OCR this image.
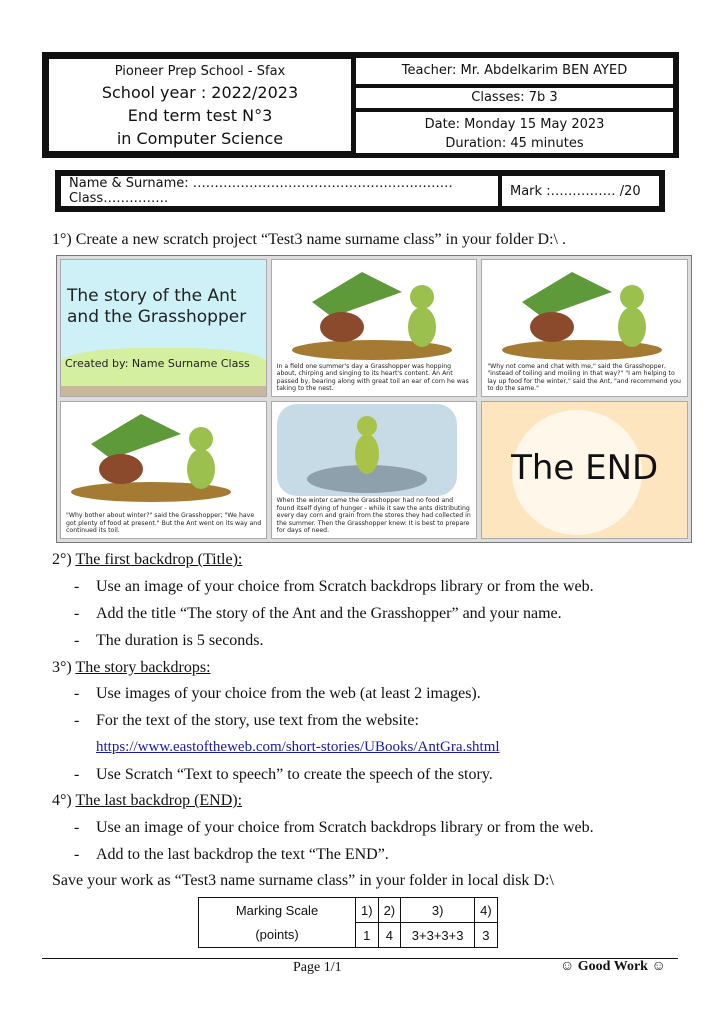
Pioneer Prep School - Sfax
School year : 2022/2023
End term test N°3
in Computer Science
Teacher: Mr. Abdelkarim BEN AYED
Classes: 7b 3
Date: Monday 15 May 2023
Duration: 45 minutes
Name & Surname: ……………………………………………………Class……………	Mark :…………… /20
1°) Create a new scratch project “Test3 name surname class” in your folder D:\ .
The story of the Ant and the Grasshopper
Created by: Name Surname Class	In a field one summer's day a Grasshopper was hopping about, chirping and singing to its heart's content. An Ant passed by, bearing along with great toil an ear of corn he was taking to the nest.
"Why not come and chat with me," said the Grasshopper, "instead of toiling and moiling in that way?" "I am helping to lay up food for the winter," said the Ant, "and recommend you to do the same."
"Why bother about winter?" said the Grasshopper; "We have got plenty of food at present." But the Ant went on its way and continued its toil.
When the winter came the Grasshopper had no food and found itself dying of hunger - while it saw the ants distributing every day corn and grain from the stores they had collected in the summer. Then the Grasshopper knew: It is best to prepare for days of need.
The END
2°) The first backdrop (Title):
- Use an image of your choice from Scratch backdrops library or from the web.
- Add the title “The story of the Ant and the Grasshopper” and your name.
- The duration is 5 seconds.
3°) The story backdrops:
- Use images of your choice from the web (at least 2 images).
- For the text of the story, use text from the website:
https://www.eastoftheweb.com/short-stories/UBooks/AntGra.shtml
- Use Scratch “Text to speech” to create the speech of the story.
4°) The last backdrop (END):
- Use an image of your choice from Scratch backdrops library or from the web.
- Add to the last backdrop the text “The END”.
Save your work as “Test3 name surname class” in your folder in local disk D:\
Marking Scale	1)	2)	3)	4)
(points)	1	4	3+3+3+3	3
Page 1/1	☺ Good Work ☺
